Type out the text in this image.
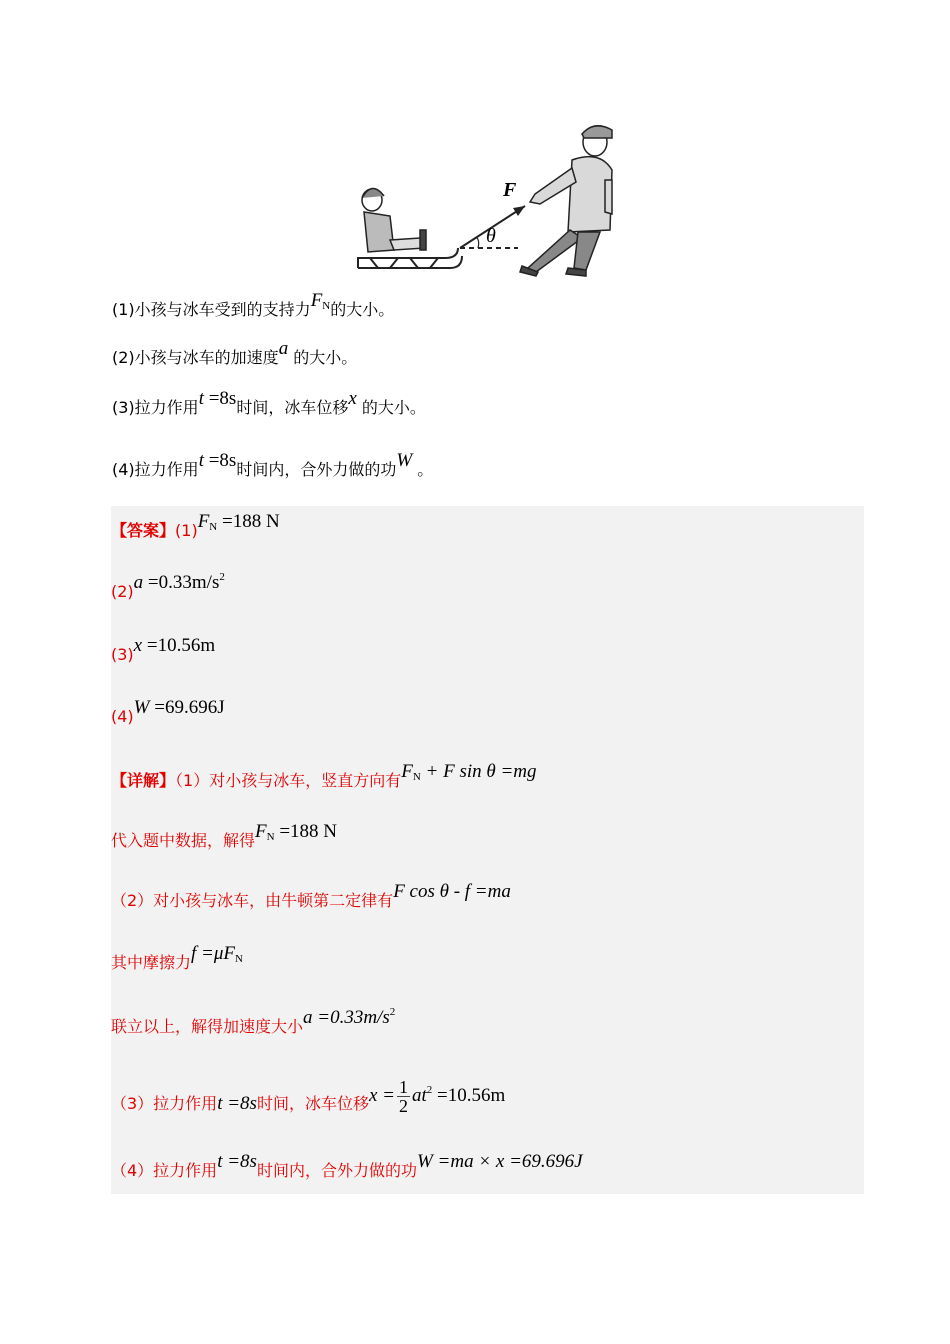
F
θ
(1)小孩与冰车受到的支持力$F_N$的大小。
(2)小孩与冰车的加速度a 的大小。
(3)拉力作用t =8s时间，冰车位移x 的大小。
(4)拉力作用t =8s时间内，合外力做的功W 。
【答案】$(1)F_N =188$ N
$(2)a =0.33m/s^2$
(3)x =10.56m
(4)W =69.696J
【详解】（1）对小孩与冰车，竖直方向有$F_N + F$ sin θ =mg
代入题中数据，解得$F_N =188$ N
（2）对小孩与冰车，由牛顿第二定律有F cos θ - f =ma
其中摩擦力$f =\mu F_N$
联立以上，解得加速度大小$a =0.33m/s^2$
（3）拉力作用t =8s时间，冰车位移$x = \frac{1}{2} at^2 =10.56m$
（4）拉力作用t =8s时间内，合外力做的功W =ma × x =69.696J
